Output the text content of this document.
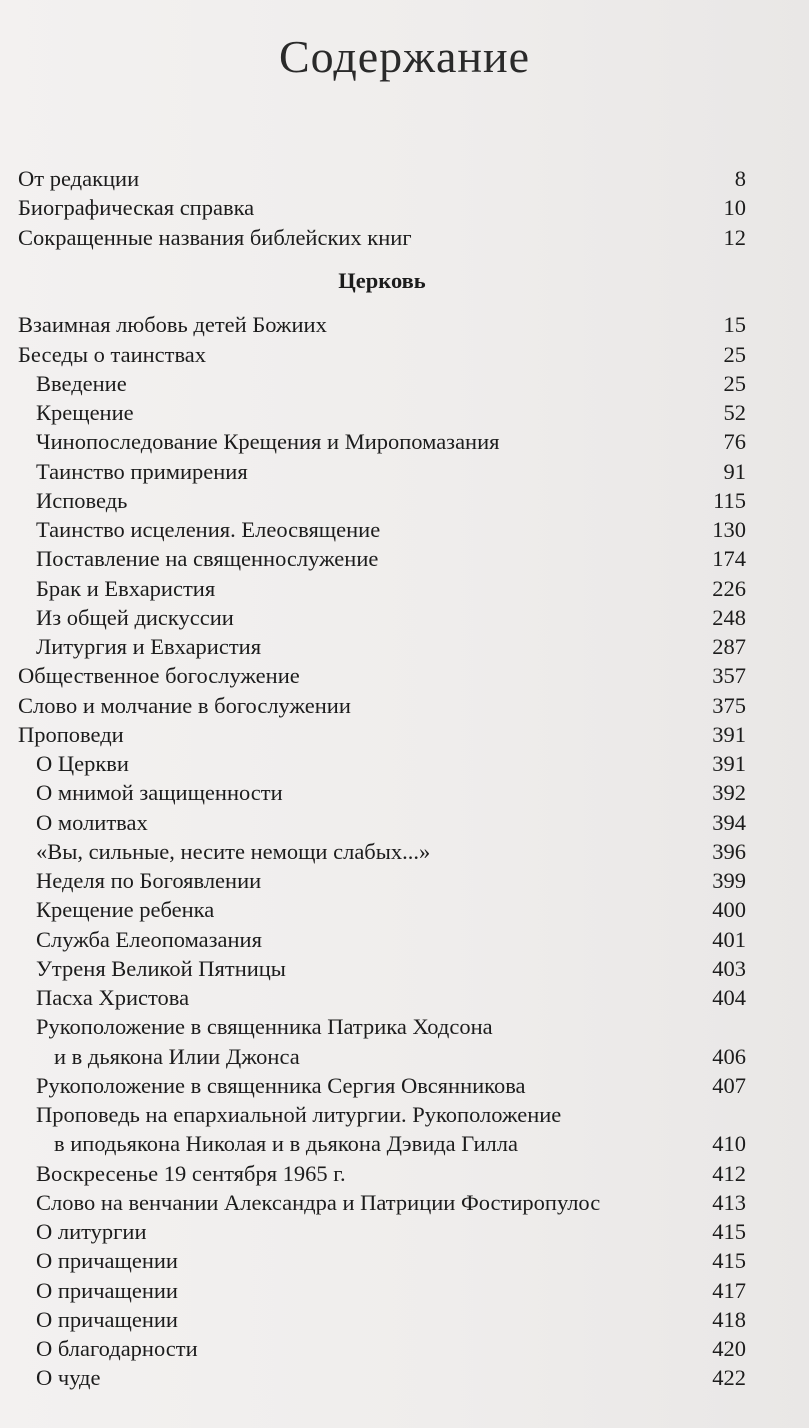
Содержание
От редакции	8
Биографическая справка	10
Сокращенные названия библейских книг	12
Церковь
Взаимная любовь детей Божиих	15
Беседы о таинствах	25
Введение	25
Крещение	52
Чинопоследование Крещения и Миропомазания	76
Таинство примирения	91
Исповедь	115
Таинство исцеления. Елеосвящение	130
Поставление на священнослужение	174
Брак и Евхаристия	226
Из общей дискуссии	248
Литургия и Евхаристия	287
Общественное богослужение	357
Слово и молчание в богослужении	375
Проповеди	391
О Церкви	391
О мнимой защищенности	392
О молитвах	394
«Вы, сильные, несите немощи слабых...»	396
Неделя по Богоявлении	399
Крещение ребенка	400
Служба Елеопомазания	401
Утреня Великой Пятницы	403
Пасха Христова	404
Рукоположение в священника Патрика Ходсона
и в дьякона Илии Джонса	406
Рукоположение в священника Сергия Овсянникова	407
Проповедь на епархиальной литургии. Рукоположение
в иподьякона Николая и в дьякона Дэвида Гилла	410
Воскресенье 19 сентября 1965 г.	412
Слово на венчании Александра и Патриции Фостиропулос	413
О литургии	415
О причащении	415
О причащении	417
О причащении	418
О благодарности	420
О чуде	422
